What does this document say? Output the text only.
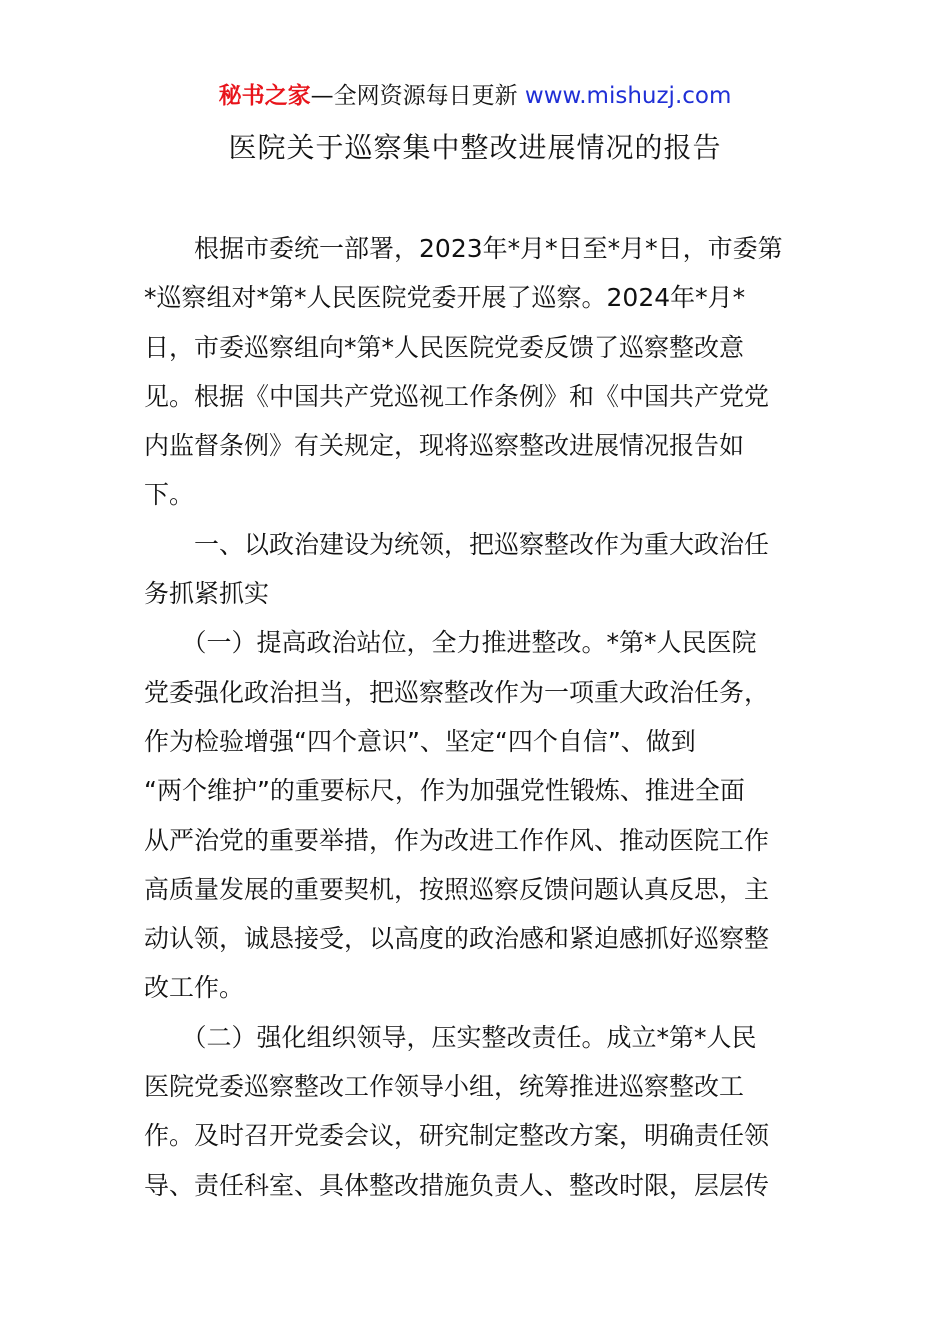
秘书之家—全网资源每日更新 www.mishuzj.com
医院关于巡察集中整改进展情况的报告
　　根据市委统一部署，2023年*月*日至*月*日，市委第
*巡察组对*第*人民医院党委开展了巡察。2024年*月*
日，市委巡察组向*第*人民医院党委反馈了巡察整改意
见。根据《中国共产党巡视工作条例》和《中国共产党党
内监督条例》有关规定，现将巡察整改进展情况报告如
下。
　　一、以政治建设为统领，把巡察整改作为重大政治任
务抓紧抓实
　　（一）提高政治站位，全力推进整改。*第*人民医院
党委强化政治担当，把巡察整改作为一项重大政治任务，
作为检验增强“四个意识”、坚定“四个自信”、做到
“两个维护”的重要标尺，作为加强党性锻炼、推进全面
从严治党的重要举措，作为改进工作作风、推动医院工作
高质量发展的重要契机，按照巡察反馈问题认真反思，主
动认领，诚恳接受，以高度的政治感和紧迫感抓好巡察整
改工作。
　　（二）强化组织领导，压实整改责任。成立*第*人民
医院党委巡察整改工作领导小组，统筹推进巡察整改工
作。及时召开党委会议，研究制定整改方案，明确责任领
导、责任科室、具体整改措施负责人、整改时限，层层传
